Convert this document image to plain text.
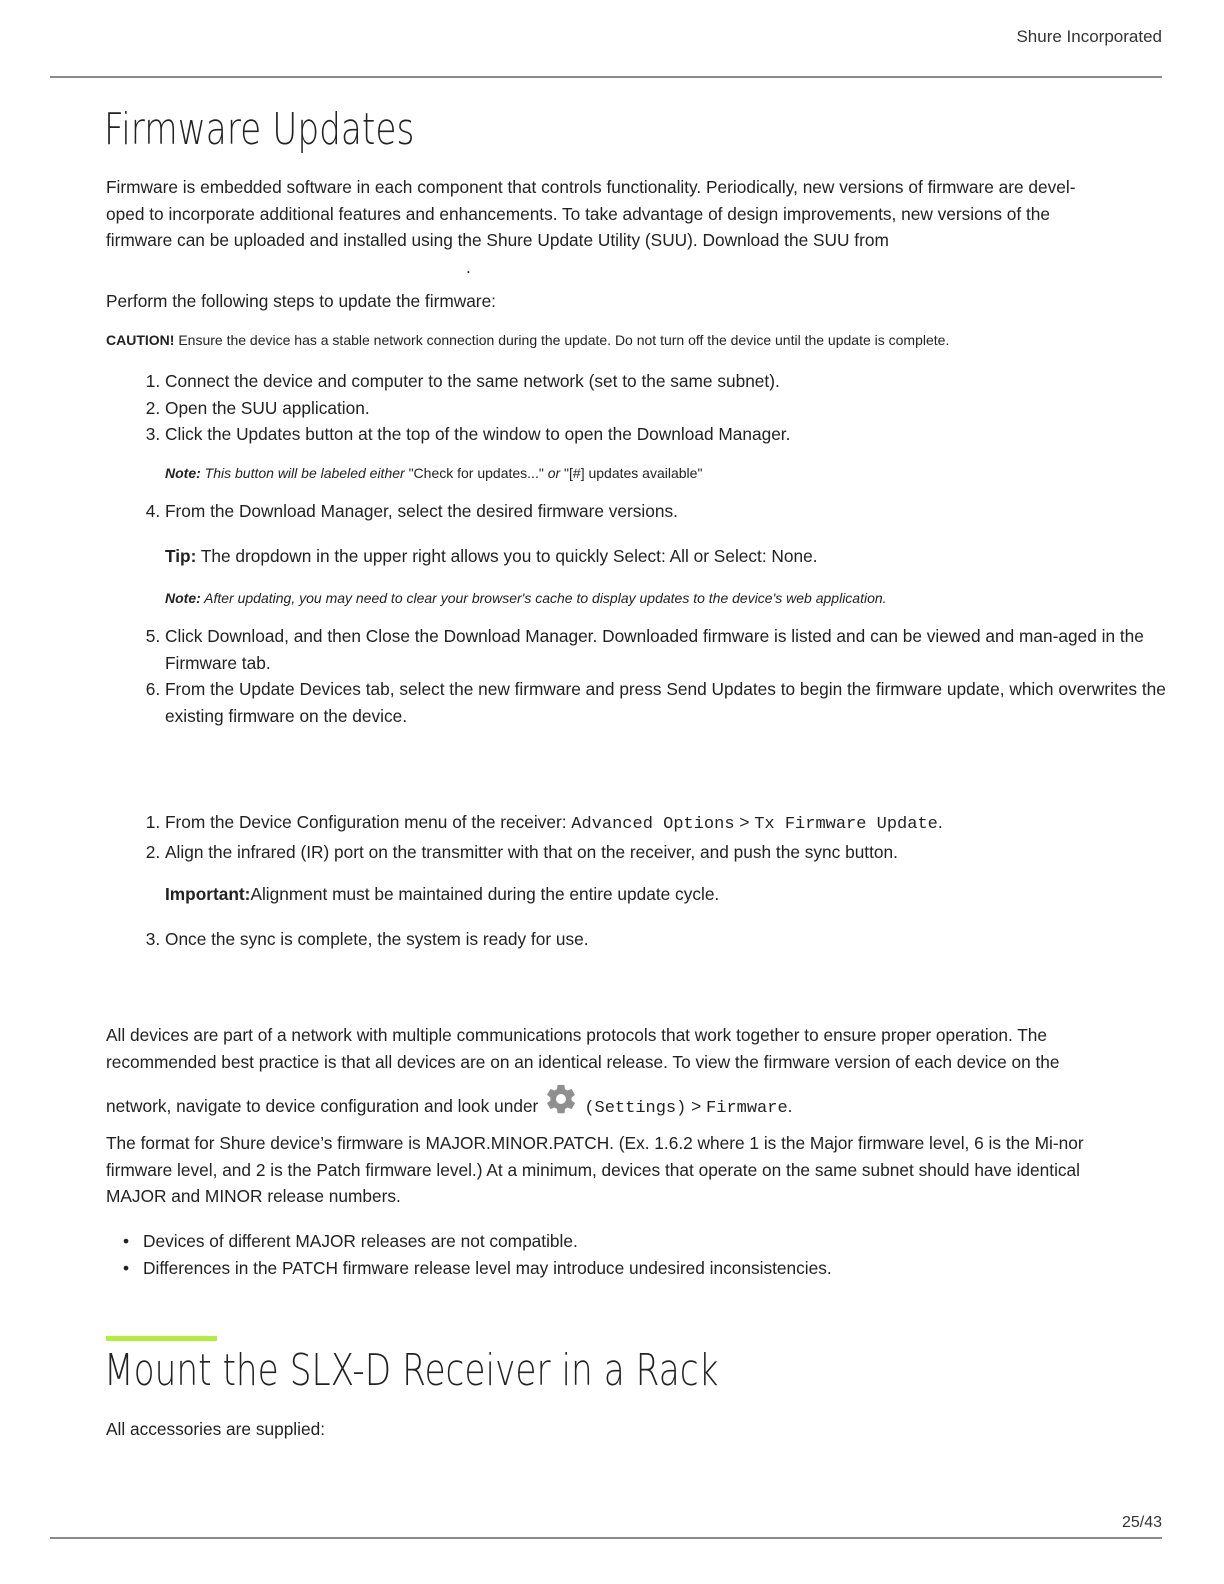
Shure Incorporated
Firmware Updates

Firmware is embedded software in each component that controls functionality. Periodically, new versions of firmware are devel-oped to incorporate additional features and enhancements. To take advantage of design improvements, new versions of the firmware can be uploaded and installed using the Shure Update Utility (SUU). Download the SUU from
.

Perform the following steps to update the firmware:

CAUTION! Ensure the device has a stable network connection during the update. Do not turn off the device until the update is complete.

1. Connect the device and computer to the same network (set to the same subnet).
2. Open the SUU application.
3. Click the Updates button at the top of the window to open the Download Manager.

Note: This button will be labeled either "Check for updates..." or "[#] updates available"

4. From the Download Manager, select the desired firmware versions.

Tip: The dropdown in the upper right allows you to quickly Select: All or Select: None.

Note: After updating, you may need to clear your browser's cache to display updates to the device's web application.

5. Click Download, and then Close the Download Manager. Downloaded firmware is listed and can be viewed and man-aged in the Firmware tab.
6. From the Update Devices tab, select the new firmware and press Send Updates to begin the firmware update, which overwrites the existing firmware on the device.
1. From the Device Configuration menu of the receiver: Advanced Options > Tx Firmware Update.
2. Align the infrared (IR) port on the transmitter with that on the receiver, and push the sync button.

Important:Alignment must be maintained during the entire update cycle.

3. Once the sync is complete, the system is ready for use.

All devices are part of a network with multiple communications protocols that work together to ensure proper operation. The recommended best practice is that all devices are on an identical release. To view the firmware version of each device on the

network, navigate to device configuration and look under	(Settings) > Firmware.

The format for Shure device’s firmware is MAJOR.MINOR.PATCH. (Ex. 1.6.2 where 1 is the Major firmware level, 6 is the Mi-nor firmware level, and 2 is the Patch firmware level.) At a minimum, devices that operate on the same subnet should have identical MAJOR and MINOR release numbers.

• Devices of different MAJOR releases are not compatible.
• Differences in the PATCH firmware release level may introduce undesired inconsistencies.
Mount the SLX-D Receiver in a Rack

All accessories are supplied:

25/43
